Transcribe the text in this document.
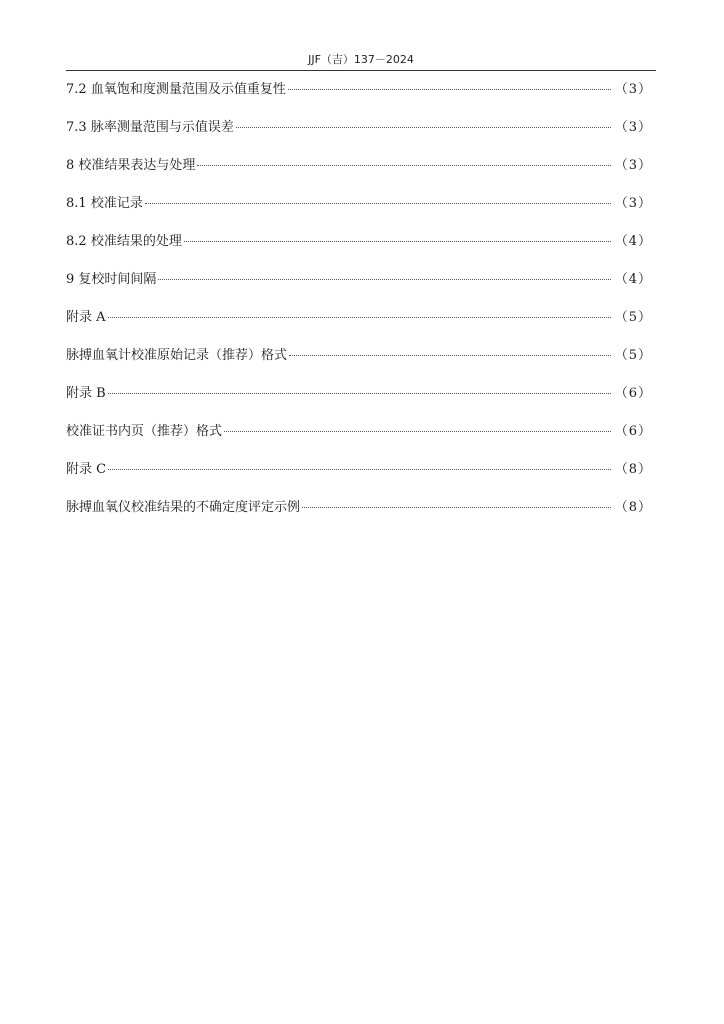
JJF（吉）137－2024
7.2 血氧饱和度测量范围及示值重复性	（3）
7.3 脉率测量范围与示值误差	（3）
8 校准结果表达与处理	（3）
8.1 校准记录	（3）
8.2 校准结果的处理	（4）
9 复校时间间隔	（4）
附录 A	（5）
脉搏血氧计校准原始记录（推荐）格式	（5）
附录 B	（6）
校准证书内页（推荐）格式	（6）
附录 C	（8）
脉搏血氧仪校准结果的不确定度评定示例	（8）
